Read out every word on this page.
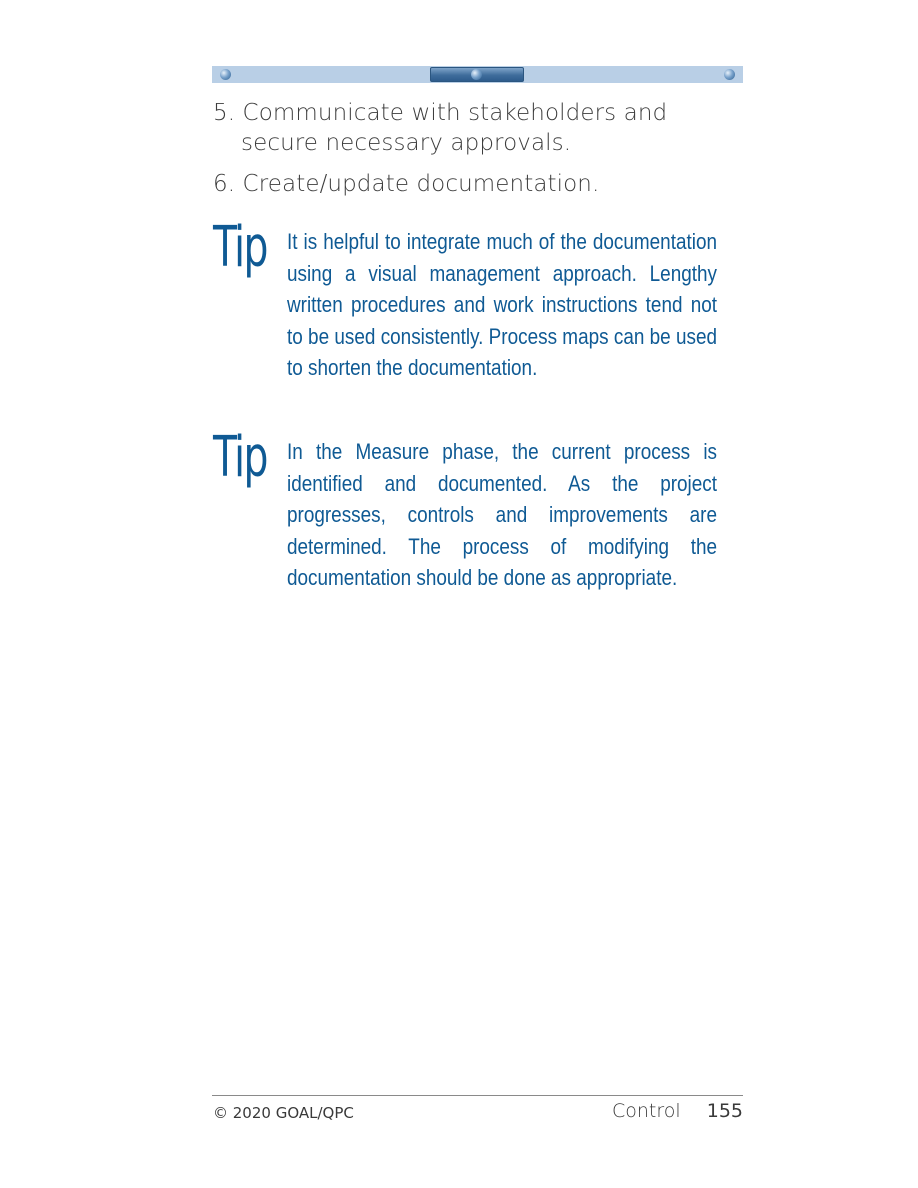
5. Communicate with stakeholders and
secure necessary approvals.

6. Create/update documentation.

Tip It is helpful to integrate much of the documentation using a visual management approach. Lengthy written procedures and work instructions tend not to be used consistently. Process maps can be used to shorten the documentation.

Tip In the Measure phase, the current process is identified and documented. As the project progresses, controls and improvements are determined. The process of modifying the documentation should be done as appropriate.

© 2020 GOAL/QPC	Control 155
